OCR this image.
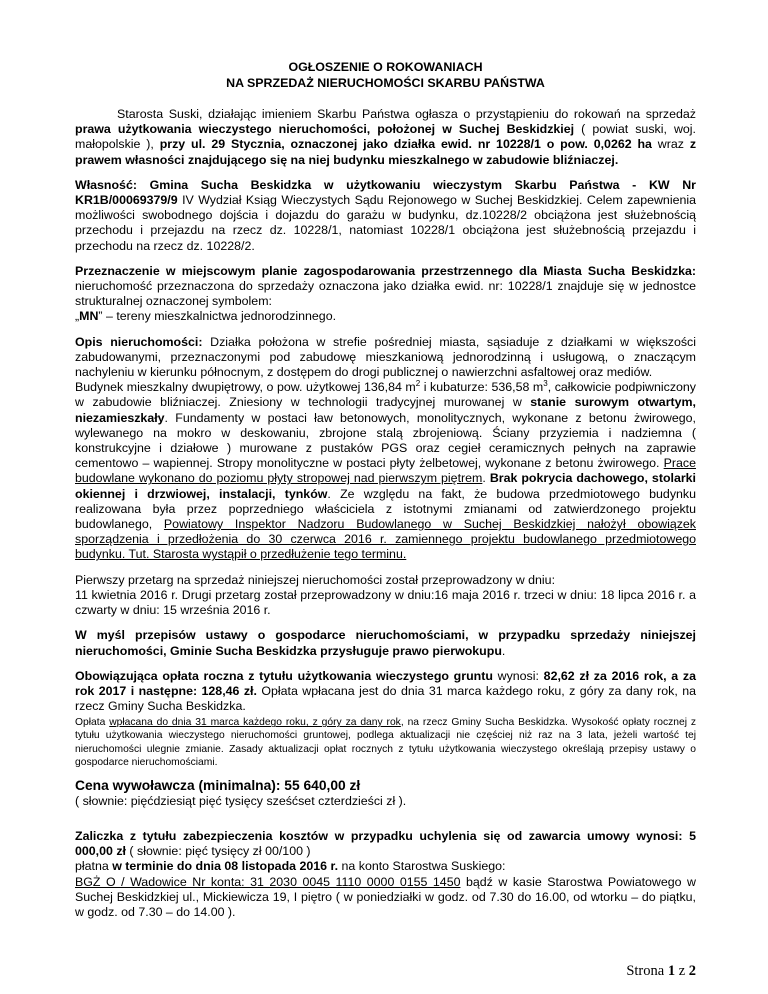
OGŁOSZENIE O ROKOWANIACH

NA SPRZEDAŻ NIERUCHOMOŚCI SKARBU PAŃSTWA

Starosta Suski, działając imieniem Skarbu Państwa ogłasza o przystąpieniu do rokowań na sprzedaż prawa użytkowania wieczystego nieruchomości, położonej w Suchej Beskidzkiej ( powiat suski, woj. małopolskie ), przy ul. 29 Stycznia, oznaczonej jako działka ewid. nr 10228/1 o pow. 0,0262 ha wraz z prawem własności znajdującego się na niej budynku mieszkalnego w zabudowie bliźniaczej.

Własność: Gmina Sucha Beskidzka w użytkowaniu wieczystym Skarbu Państwa - KW Nr KR1B/00069379/9 IV Wydział Ksiąg Wieczystych Sądu Rejonowego w Suchej Beskidzkiej. Celem zapewnienia możliwości swobodnego dojścia i dojazdu do garażu w budynku, dz.10228/2 obciążona jest służebnością przechodu i przejazdu na rzecz dz. 10228/1, natomiast 10228/1 obciążona jest służebnością przejazdu i przechodu na rzecz dz. 10228/2.

Przeznaczenie w miejscowym planie zagospodarowania przestrzennego dla Miasta Sucha Beskidzka: nieruchomość przeznaczona do sprzedaży oznaczona jako działka ewid. nr: 10228/1 znajduje się w jednostce strukturalnej oznaczonej symbolem:
„MN” – tereny mieszkalnictwa jednorodzinnego.

Opis nieruchomości: Działka położona w strefie pośredniej miasta, sąsiaduje z działkami w większości zabudowanymi, przeznaczonymi pod zabudowę mieszkaniową jednorodzinną i usługową, o znaczącym nachyleniu w kierunku północnym, z dostępem do drogi publicznej o nawierzchni asfaltowej oraz mediów.
Budynek mieszkalny dwupiętrowy, o pow. użytkowej 136,84 $m^2$ i kubaturze: 536,58 $m^3$, całkowicie podpiwniczony w zabudowie bliźniaczej. Zniesiony w technologii tradycyjnej murowanej w stanie surowym otwartym, niezamieszkały. Fundamenty w postaci ław betonowych, monolitycznych, wykonane z betonu żwirowego, wylewanego na mokro w deskowaniu, zbrojone stalą zbrojeniową. Ściany przyziemia i nadziemna ( konstrukcyjne i działowe ) murowane z pustaków PGS oraz cegieł ceramicznych pełnych na zaprawie cementowo – wapiennej. Stropy monolityczne w postaci płyty żelbetowej, wykonane z betonu żwirowego. Prace budowlane wykonano do poziomu płyty stropowej nad pierwszym piętrem. Brak pokrycia dachowego, stolarki okiennej i drzwiowej, instalacji, tynków. Ze względu na fakt, że budowa przedmiotowego budynku realizowana była przez poprzedniego właściciela z istotnymi zmianami od zatwierdzonego projektu budowlanego, Powiatowy Inspektor Nadzoru Budowlanego w Suchej Beskidzkiej nałożył obowiązek sporządzenia i przedłożenia do 30 czerwca 2016 r. zamiennego projektu budowlanego przedmiotowego budynku. Tut. Starosta wystąpił o przedłużenie tego terminu.

Pierwszy przetarg na sprzedaż niniejszej nieruchomości został przeprowadzony w dniu:
11 kwietnia 2016 r. Drugi przetarg został przeprowadzony w dniu:16 maja 2016 r. trzeci w dniu: 18 lipca 2016 r. a czwarty w dniu: 15 września 2016 r.

W myśl przepisów ustawy o gospodarce nieruchomościami, w przypadku sprzedaży niniejszej nieruchomości, Gminie Sucha Beskidzka przysługuje prawo pierwokupu.

Obowiązująca opłata roczna z tytułu użytkowania wieczystego gruntu wynosi: 82,62 zł za 2016 rok, a za rok 2017 i następne: 128,46 zł. Opłata wpłacana jest do dnia 31 marca każdego roku, z góry za dany rok, na rzecz Gminy Sucha Beskidzka.

Opłata wpłacana do dnia 31 marca każdego roku, z góry za dany rok, na rzecz Gminy Sucha Beskidzka. Wysokość opłaty rocznej z tytułu użytkowania wieczystego nieruchomości gruntowej, podlega aktualizacji nie częściej niż raz na 3 lata, jeżeli wartość tej nieruchomości ulegnie zmianie. Zasady aktualizacji opłat rocznych z tytułu użytkowania wieczystego określają przepisy ustawy o gospodarce nieruchomościami.

Cena wywoławcza (minimalna): 55 640,00 zł

( słownie: pięćdziesiąt pięć tysięcy sześćset czterdzieści zł ).

Zaliczka z tytułu zabezpieczenia kosztów w przypadku uchylenia się od zawarcia umowy wynosi: 5 000,00 zł ( słownie: pięć tysięcy zł 00/100 )
płatna w terminie do dnia 08 listopada 2016 r. na konto Starostwa Suskiego:
BGŻ O / Wadowice Nr konta: 31 2030 0045 1110 0000 0155 1450 bądź w kasie Starostwa Powiatowego w Suchej Beskidzkiej ul., Mickiewicza 19, I piętro ( w poniedziałki w godz. od 7.30 do 16.00, od wtorku – do piątku, w godz. od 7.30 – do 14.00 ).

Strona 1 z 2
